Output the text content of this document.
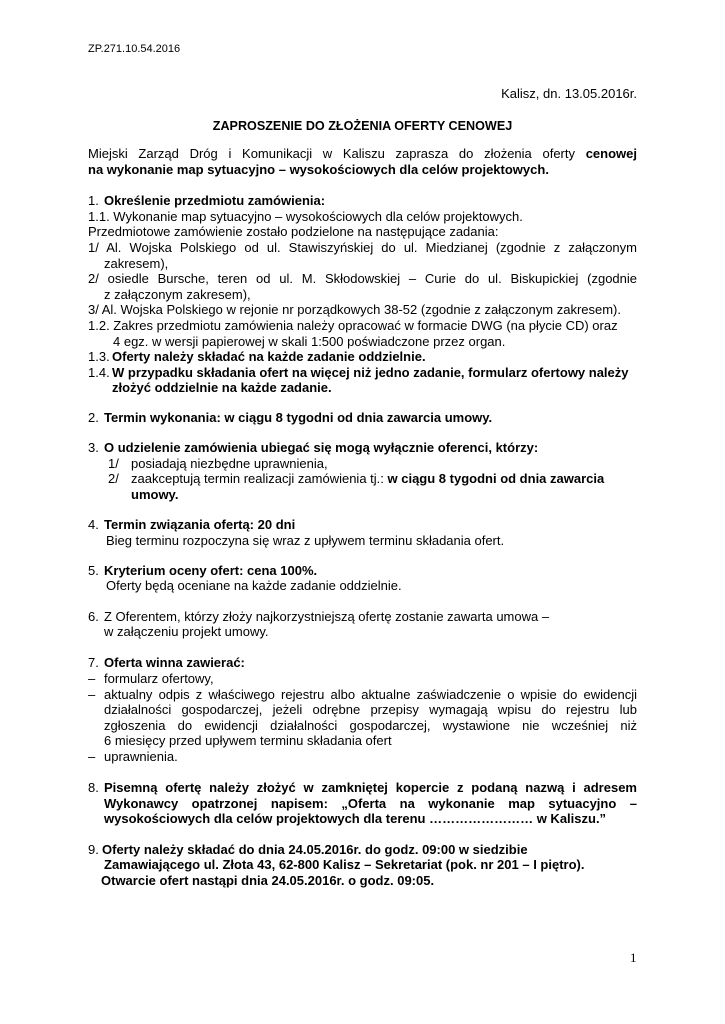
ZP.271.10.54.2016
Kalisz, dn. 13.05.2016r.
ZAPROSZENIE DO ZŁOŻENIA OFERTY CENOWEJ
Miejski Zarząd Dróg i Komunikacji w Kaliszu zaprasza do złożenia oferty cenowej
na wykonanie map sytuacyjno – wysokościowych dla celów projektowych.
1. Określenie przedmiotu zamówienia:
1.1. Wykonanie map sytuacyjno – wysokościowych dla celów projektowych.
Przedmiotowe zamówienie zostało podzielone na następujące zadania:
1/ Al. Wojska Polskiego od ul. Stawiszyńskiej do ul. Miedzianej (zgodnie z załączonym
zakresem),
2/ osiedle Bursche, teren od ul. M. Skłodowskiej – Curie do ul. Biskupickiej (zgodnie
z załączonym zakresem),
3/ Al. Wojska Polskiego w rejonie nr porządkowych 38-52 (zgodnie z załączonym zakresem).
1.2. Zakres przedmiotu zamówienia należy opracować w formacie DWG (na płycie CD) oraz
4 egz. w wersji papierowej w skali 1:500 poświadczone przez organ.
1.3. Oferty należy składać na każde zadanie oddzielnie.
1.4. W przypadku składania ofert na więcej niż jedno zadanie, formularz ofertowy należy
złożyć oddzielnie na każde zadanie.
2. Termin wykonania: w ciągu 8 tygodni od dnia zawarcia umowy.
3. O udzielenie zamówienia ubiegać się mogą wyłącznie oferenci, którzy:
1/ posiadają niezbędne uprawnienia,
2/ zaakceptują termin realizacji zamówienia tj.: w ciągu 8 tygodni od dnia zawarcia
umowy.
4. Termin związania ofertą: 20 dni
Bieg terminu rozpoczyna się wraz z upływem terminu składania ofert.
5. Kryterium oceny ofert: cena 100%.
Oferty będą oceniane na każde zadanie oddzielnie.
6. Z Oferentem, którzy złoży najkorzystniejszą ofertę zostanie zawarta umowa –
w załączeniu projekt umowy.
7. Oferta winna zawierać:
– formularz ofertowy,
– aktualny odpis z właściwego rejestru albo aktualne zaświadczenie o wpisie do ewidencji
działalności gospodarczej, jeżeli odrębne przepisy wymagają wpisu do rejestru lub
zgłoszenia do ewidencji działalności gospodarczej, wystawione nie wcześniej niż
6 miesięcy przed upływem terminu składania ofert
– uprawnienia.
8. Pisemną ofertę należy złożyć w zamkniętej kopercie z podaną nazwą i adresem
Wykonawcy opatrzonej napisem: „Oferta na wykonanie map sytuacyjno –
wysokościowych dla celów projektowych dla terenu …………………… w Kaliszu.”
9. Oferty należy składać do dnia 24.05.2016r. do godz. 09:00 w siedzibie
Zamawiającego ul. Złota 43, 62-800 Kalisz – Sekretariat (pok. nr 201 – I piętro).
Otwarcie ofert nastąpi dnia 24.05.2016r. o godz. 09:05.
1
